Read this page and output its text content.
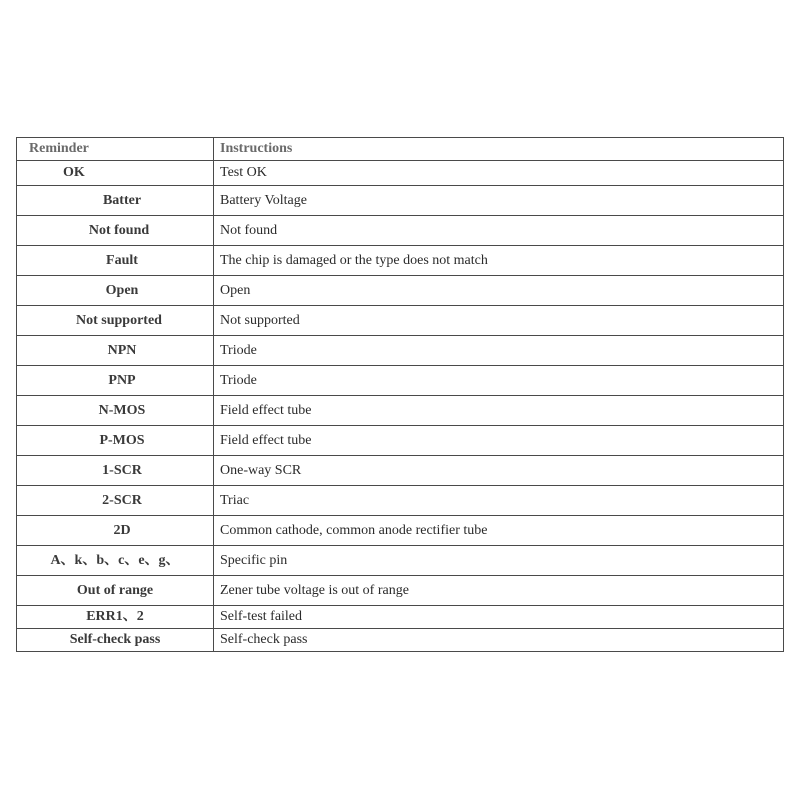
Reminder	Instructions
OK	Test OK
Batter	Battery Voltage
Not found	Not found
Fault	The chip is damaged or the type does not match
Open	Open
Not supported	Not supported
NPN	Triode
PNP	Triode
N-MOS	Field effect tube
P-MOS	Field effect tube
1-SCR	One-way SCR
2-SCR	Triac
2D	Common cathode, common anode rectifier tube
A、k、b、c、e、g、	Specific pin
Out of range	Zener tube voltage is out of range
ERR1、2	Self-test failed
Self-check pass	Self-check pass
